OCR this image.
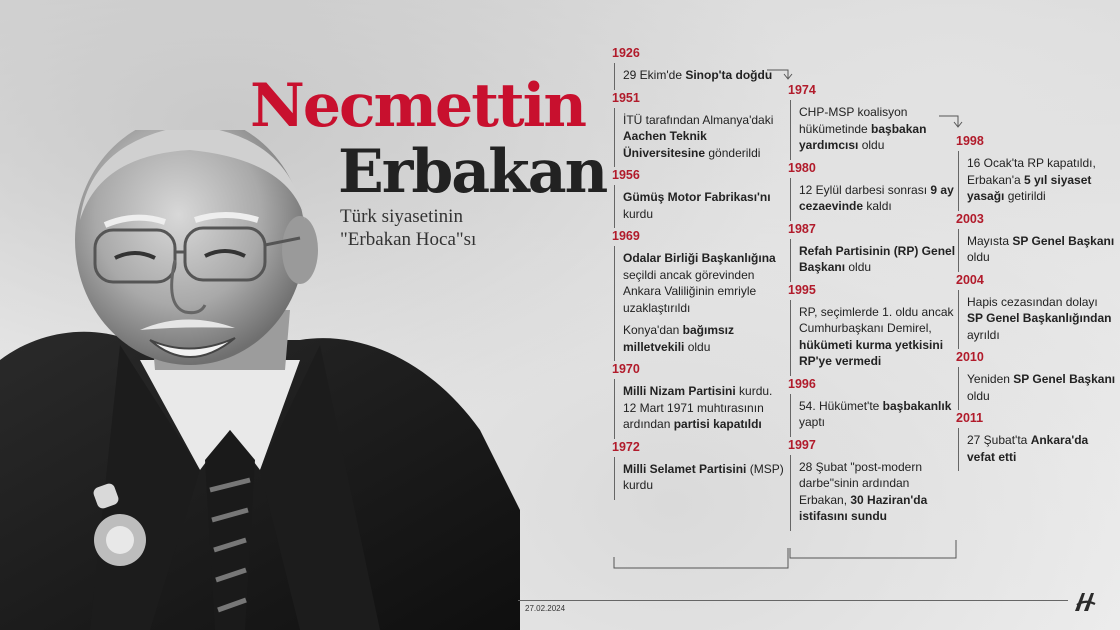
Necmettin
Erbakan
Türk siyasetinin
"Erbakan Hoca"sı
1926
29 Ekim'de Sinop'ta doğdu
1951
İTÜ tarafından Almanya'daki Aachen Teknik Üniversitesine gönderildi
1956
Gümüş Motor Fabrikası'nı kurdu
1969
Odalar Birliği Başkanlığına seçildi ancak görevinden Ankara Valiliğinin emriyle uzaklaştırıldı
Konya'dan bağımsız milletvekili oldu
1970
Milli Nizam Partisini kurdu. 12 Mart 1971 muhtırasının ardından partisi kapatıldı
1972
Milli Selamet Partisini (MSP) kurdu
1974
CHP-MSP koalisyon hükümetinde başbakan yardımcısı oldu
1980
12 Eylül darbesi sonrası 9 ay cezaevinde kaldı
1987
Refah Partisinin (RP) Genel Başkanı oldu
1995
RP, seçimlerde 1. oldu ancak Cumhurbaşkanı Demirel, hükümeti kurma yetkisini RP'ye vermedi
1996
54. Hükümet'te başbakanlık yaptı
1997
28 Şubat "post-modern darbe"sinin ardından Erbakan, 30 Haziran'da istifasını sundu
1998
16 Ocak'ta RP kapatıldı, Erbakan'a 5 yıl siyaset yasağı getirildi
2003
Mayısta SP Genel Başkanı oldu
2004
Hapis cezasından dolayı SP Genel Başkanlığından ayrıldı
2010
Yeniden SP Genel Başkanı oldu
2011
27 Şubat'ta Ankara'da vefat etti
27.02.2024
